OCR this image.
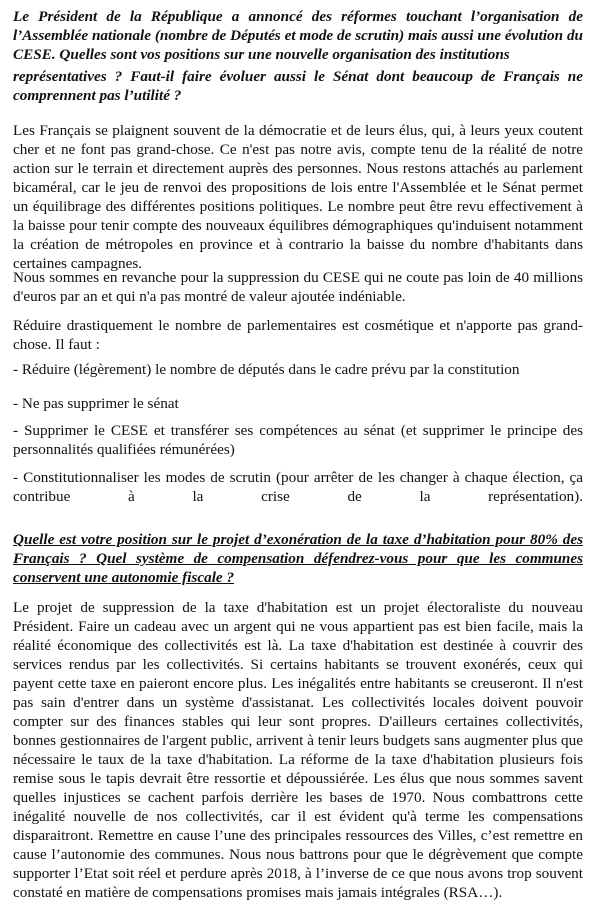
Le Président de la République a annoncé des réformes touchant l’organisation de l’Assemblée nationale (nombre de Députés et mode de scrutin) mais aussi une évolution du CESE. Quelles sont vos positions sur une nouvelle organisation des institutions

représentatives ? Faut-il faire évoluer aussi le Sénat dont beaucoup de Français ne comprennent pas l’utilité ?

Les Français se plaignent souvent de la démocratie et de leurs élus, qui, à leurs yeux coutent cher et ne font pas grand-chose. Ce n'est pas notre avis, compte tenu de la réalité de notre action sur le terrain et directement auprès des personnes. Nous restons attachés au parlement bicaméral, car le jeu de renvoi des propositions de lois entre l'Assemblée et le Sénat permet un équilibrage des différentes positions politiques. Le nombre peut être revu effectivement à la baisse pour tenir compte des nouveaux équilibres démographiques qu'induisent notamment la création de métropoles en province et à contrario la baisse du nombre d'habitants dans certaines campagnes.

Nous sommes en revanche pour la suppression du CESE qui ne coute pas loin de 40 millions d'euros par an et qui n'a pas montré de valeur ajoutée indéniable.

Réduire drastiquement le nombre de parlementaires est cosmétique et n'apporte pas grand-chose. Il faut :

- Réduire (légèrement) le nombre de députés dans le cadre prévu par la constitution

- Ne pas supprimer le sénat

- Supprimer le CESE et transférer ses compétences au sénat (et supprimer le principe des personnalités qualifiées rémunérées)

- Constitutionnaliser les modes de scrutin (pour arrêter de les changer à chaque élection, ça contribue à la crise de la représentation).

Quelle est votre position sur le projet d’exonération de la taxe d’habitation pour 80% des Français ? Quel système de compensation défendrez-vous pour que les communes conservent une autonomie fiscale ?

Le projet de suppression de la taxe d'habitation est un projet électoraliste du nouveau Président. Faire un cadeau avec un argent qui ne vous appartient pas est bien facile, mais la réalité économique des collectivités est là. La taxe d'habitation est destinée à couvrir des services rendus par les collectivités. Si certains habitants se trouvent exonérés, ceux qui payent cette taxe en paieront encore plus. Les inégalités entre habitants se creuseront. Il n'est pas sain d'entrer dans un système d'assistanat. Les collectivités locales doivent pouvoir compter sur des finances stables qui leur sont propres. D'ailleurs certaines collectivités, bonnes gestionnaires de l'argent public, arrivent à tenir leurs budgets sans augmenter plus que nécessaire le taux de la taxe d'habitation. La réforme de la taxe d'habitation plusieurs fois remise sous le tapis devrait être ressortie et dépoussiérée. Les élus que nous sommes savent quelles injustices se cachent parfois derrière les bases de 1970. Nous combattrons cette inégalité nouvelle de nos collectivités, car il est évident qu'à terme les compensations disparaitront. Remettre en cause l’une des principales ressources des Villes, c’est remettre en cause l’autonomie des communes. Nous nous battrons pour que le dégrèvement que compte supporter l’Etat soit réel et perdure après 2018, à l’inverse de ce que nous avons trop souvent constaté en matière de compensations promises mais jamais intégrales (RSA…).
